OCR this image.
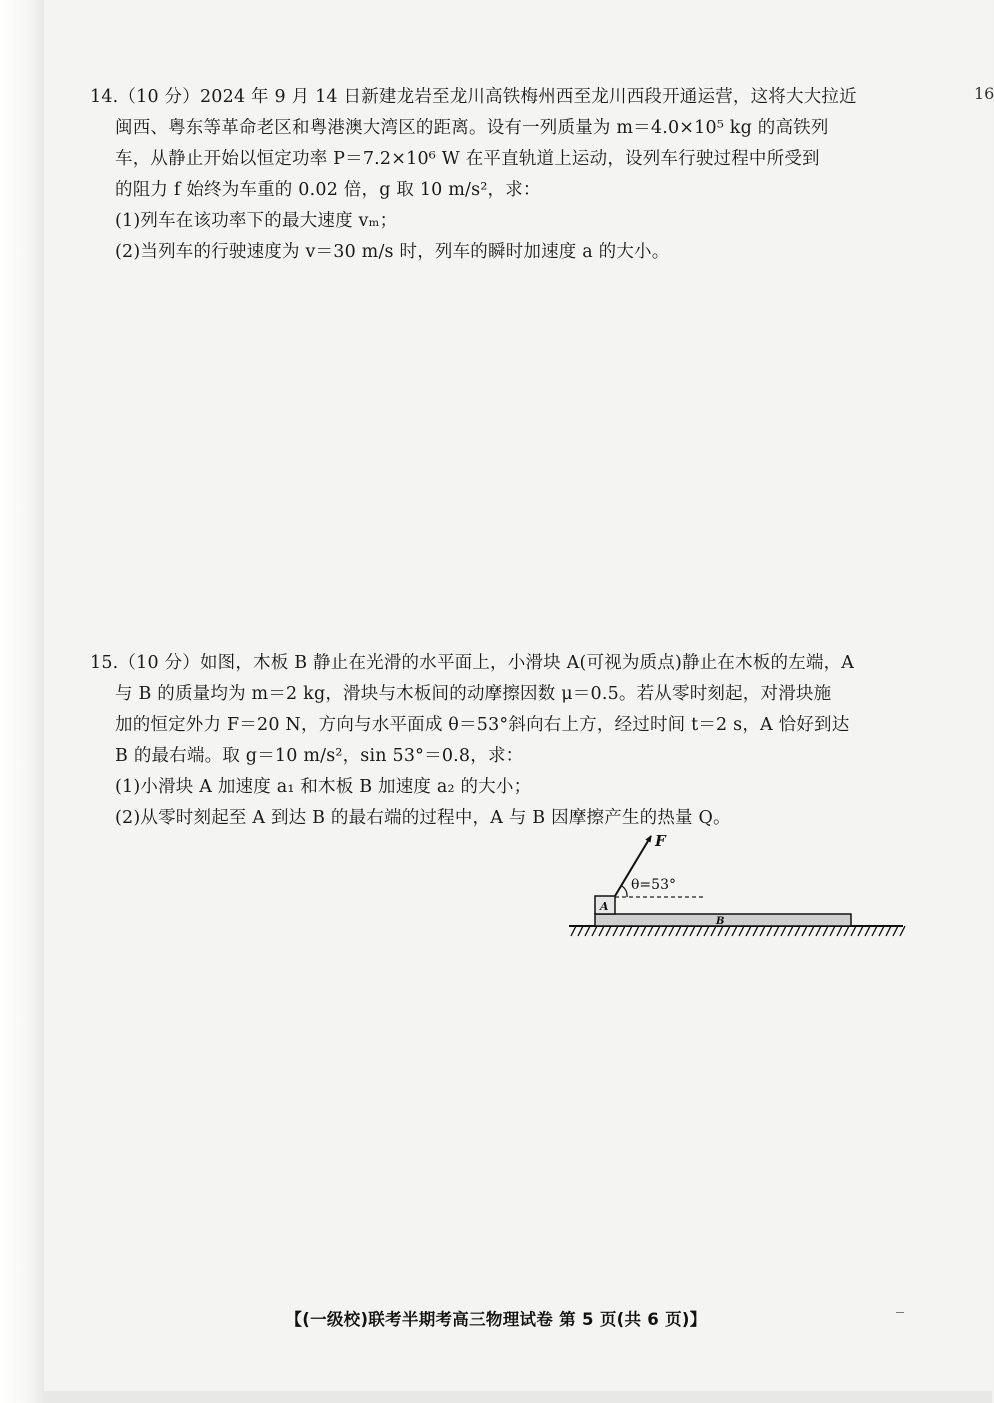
16
14.（10 分）2024 年 9 月 14 日新建龙岩至龙川高铁梅州西至龙川西段开通运营，这将大大拉近
闽西、粤东等革命老区和粤港澳大湾区的距离。设有一列质量为 m＝4.0×10⁵ kg 的高铁列
车，从静止开始以恒定功率 P＝7.2×10⁶ W 在平直轨道上运动，设列车行驶过程中所受到
的阻力 f 始终为车重的 0.02 倍，g 取 10 m/s²，求：
(1)列车在该功率下的最大速度 vₘ；
(2)当列车的行驶速度为 v＝30 m/s 时，列车的瞬时加速度 a 的大小。
15.（10 分）如图，木板 B 静止在光滑的水平面上，小滑块 A(可视为质点)静止在木板的左端，A
与 B 的质量均为 m＝2 kg，滑块与木板间的动摩擦因数 μ＝0.5。若从零时刻起，对滑块施
加的恒定外力 F＝20 N，方向与水平面成 θ＝53°斜向右上方，经过时间 t＝2 s，A 恰好到达
B 的最右端。取 g＝10 m/s²，sin 53°＝0.8，求：
(1)小滑块 A 加速度 a₁ 和木板 B 加速度 a₂ 的大小；
(2)从零时刻起至 A 到达 B 的最右端的过程中，A 与 B 因摩擦产生的热量 Q。
F
θ=53°
A
B
【(一级校)联考半期考高三物理试卷 第 5 页(共 6 页)】
